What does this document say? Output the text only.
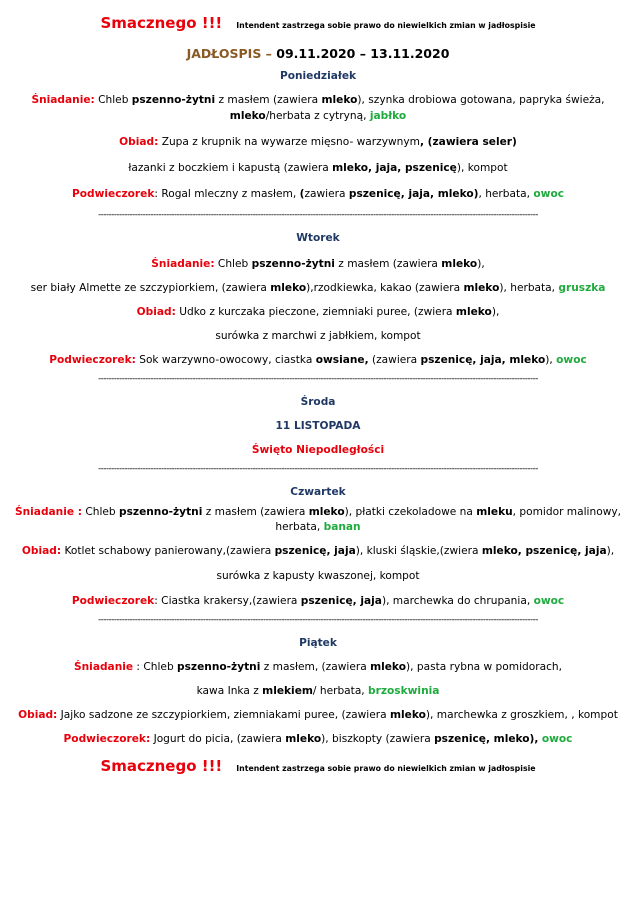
Smacznego !!! Intendent zastrzega sobie prawo do niewielkich zmian w jadłospisie
JADŁOSPIS – 09.11.2020 – 13.11.2020
Poniedziałek
Śniadanie: Chleb pszenno-żytni z masłem (zawiera mleko), szynka drobiowa gotowana, papryka świeża,
mleko/herbata z cytryną, jabłko
Obiad: Zupa z krupnik na wywarze mięsno- warzywnym, (zawiera seler)
łazanki z boczkiem i kapustą (zawiera mleko, jaja, pszenicę), kompot
Podwieczorek: Rogal mleczny z masłem, (zawiera pszenicę, jaja, mleko), herbata, owoc
------------------------------------------------------------------------------------------------------------------------------------------------------------------------
Wtorek
Śniadanie: Chleb pszenno-żytni z masłem (zawiera mleko),
ser biały Almette ze szczypiorkiem, (zawiera mleko),rzodkiewka, kakao (zawiera mleko), herbata, gruszka
Obiad: Udko z kurczaka pieczone, ziemniaki puree, (zwiera mleko),
surówka z marchwi z jabłkiem, kompot
Podwieczorek: Sok warzywno-owocowy, ciastka owsiane, (zawiera pszenicę, jaja, mleko), owoc
------------------------------------------------------------------------------------------------------------------------------------------------------------------------
Środa
11 LISTOPADA
Święto Niepodległości
------------------------------------------------------------------------------------------------------------------------------------------------------------------------
Czwartek
Śniadanie : Chleb pszenno-żytni z masłem (zawiera mleko), płatki czekoladowe na mleku, pomidor malinowy,
herbata, banan
Obiad: Kotlet schabowy panierowany,(zawiera pszenicę, jaja), kluski śląskie,(zwiera mleko, pszenicę, jaja),
surówka z kapusty kwaszonej, kompot
Podwieczorek: Ciastka krakersy,(zawiera pszenicę, jaja), marchewka do chrupania, owoc
------------------------------------------------------------------------------------------------------------------------------------------------------------------------
Piątek
Śniadanie : Chleb pszenno-żytni z masłem, (zawiera mleko), pasta rybna w pomidorach,
kawa Inka z mlekiem/ herbata, brzoskwinia
Obiad: Jajko sadzone ze szczypiorkiem, ziemniakami puree, (zawiera mleko), marchewka z groszkiem, , kompot
Podwieczorek: Jogurt do picia, (zawiera mleko), biszkopty (zawiera pszenicę, mleko), owoc
Smacznego !!! Intendent zastrzega sobie prawo do niewielkich zmian w jadłospisie
